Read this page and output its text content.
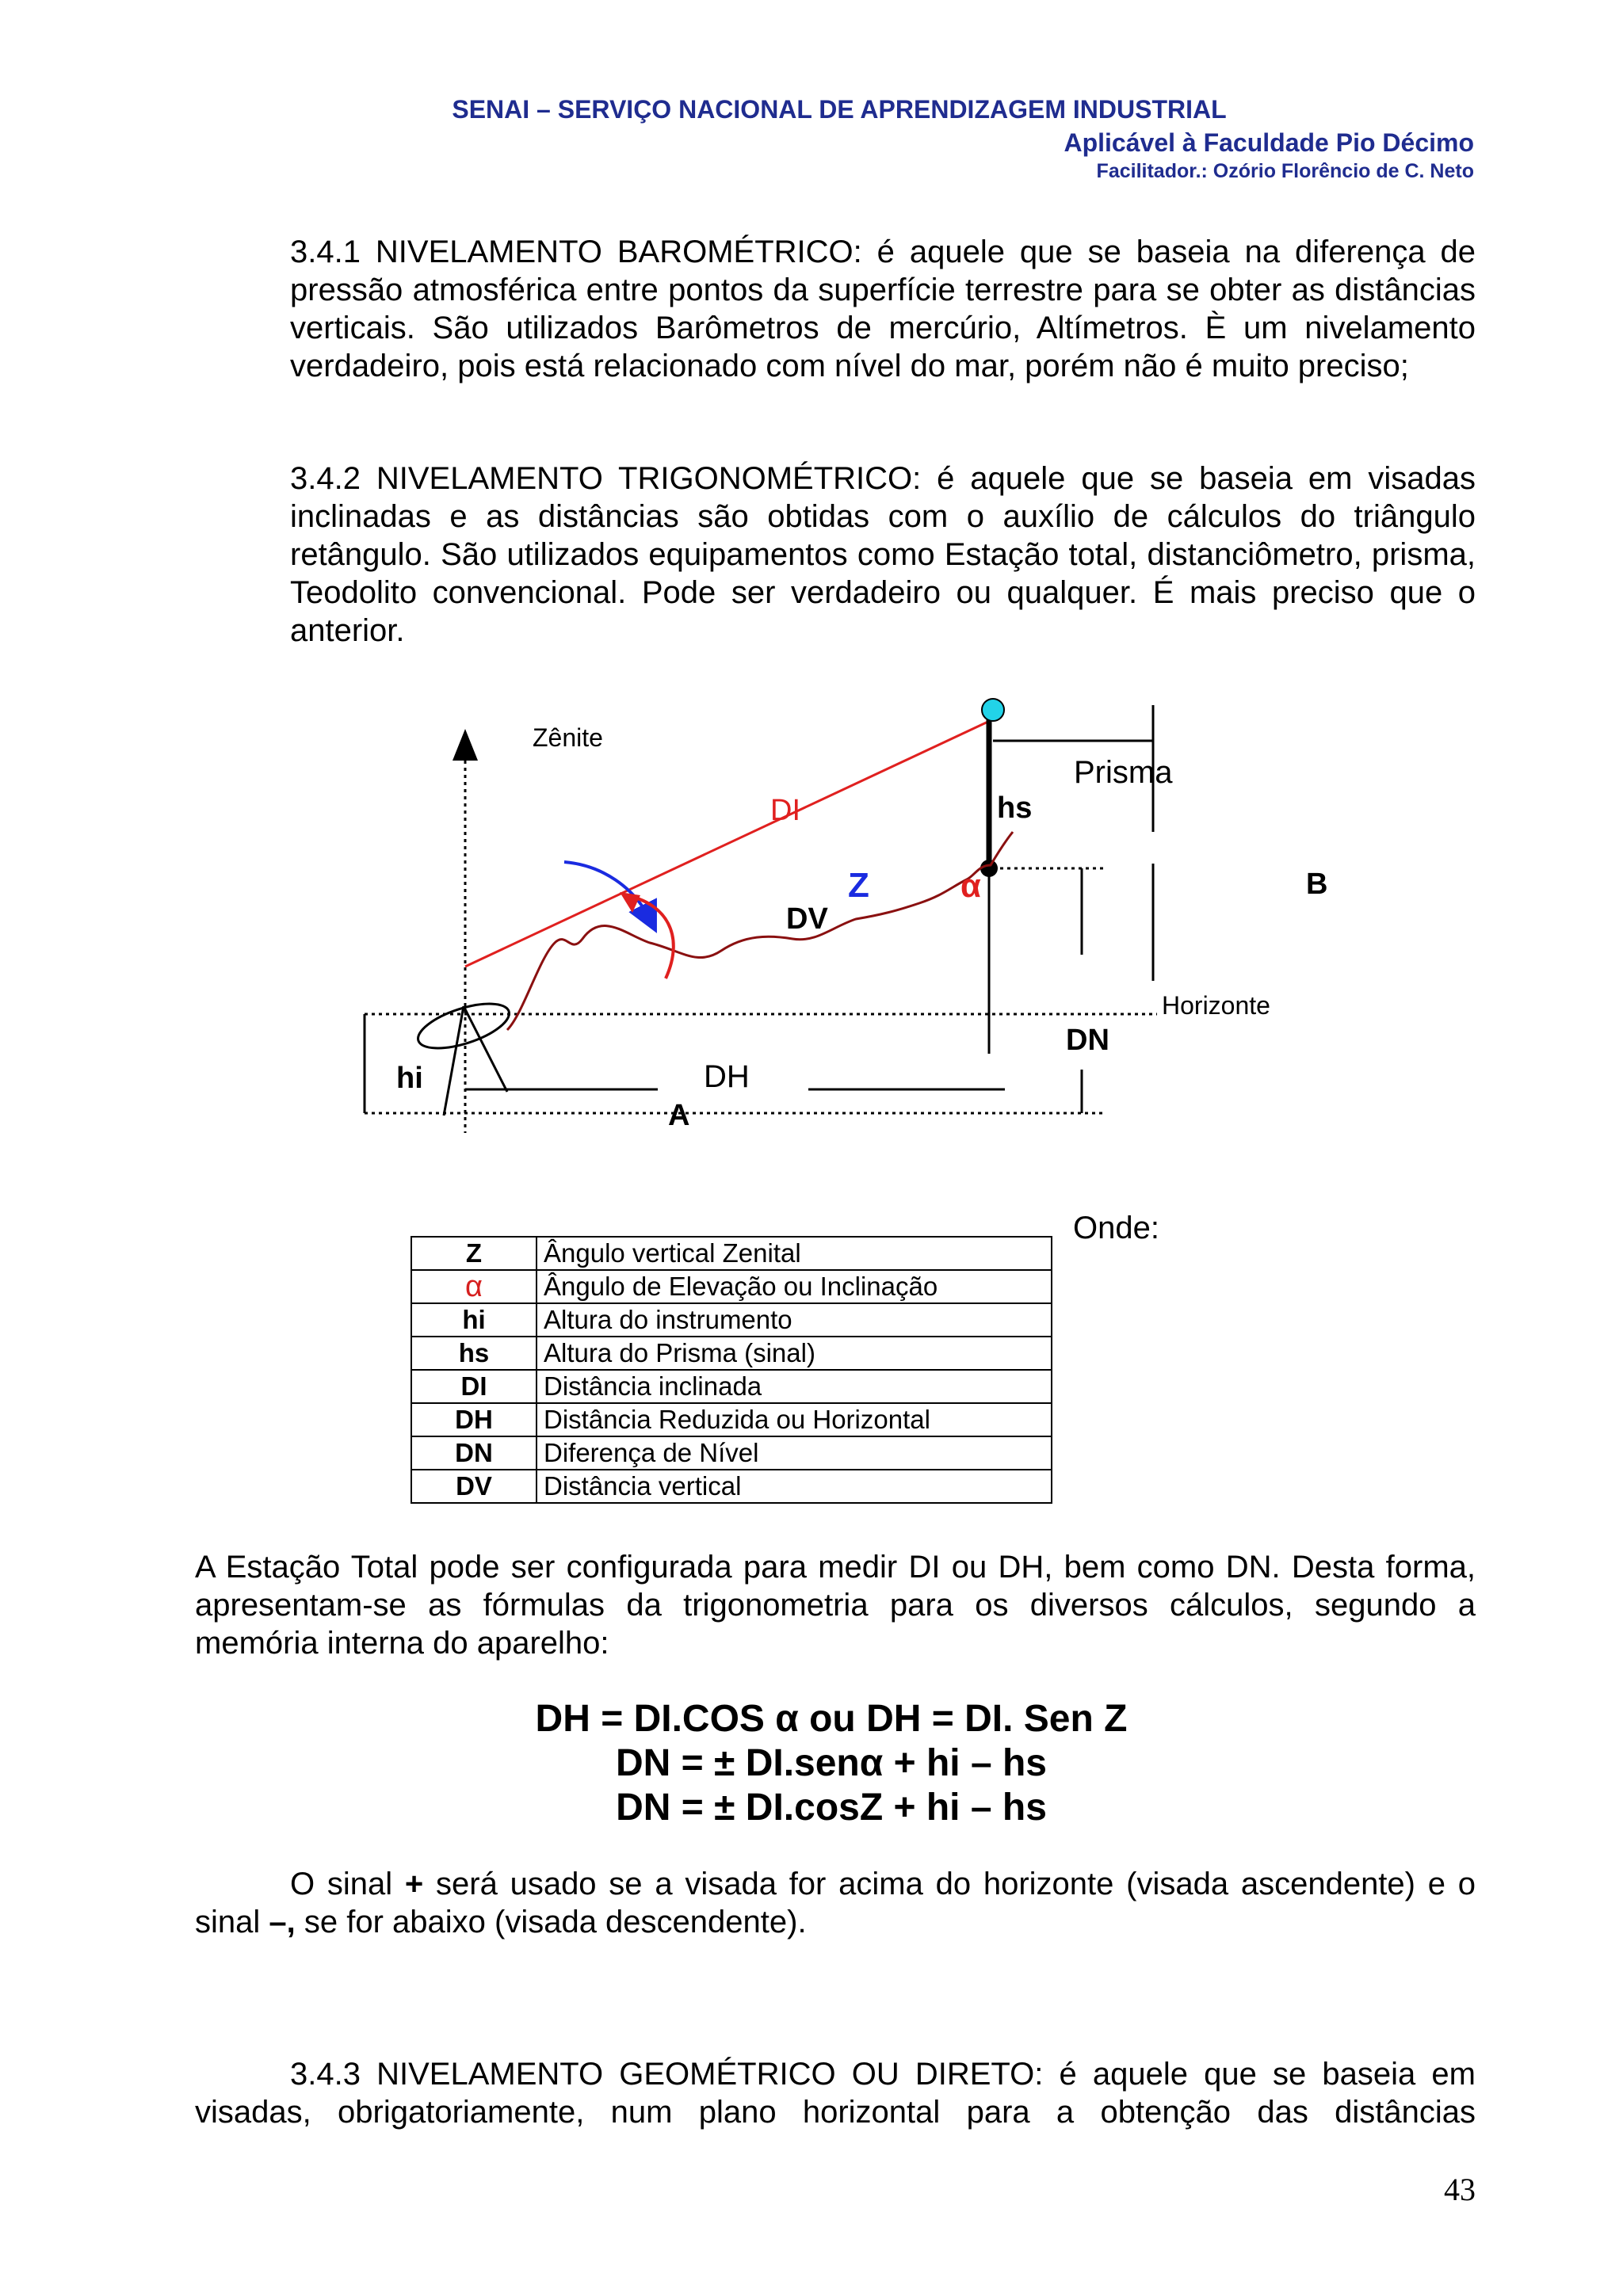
SENAI – SERVIÇO NACIONAL DE APRENDIZAGEM INDUSTRIAL
Aplicável à Faculdade Pio Décimo
Facilitador.: Ozório Florêncio de C. Neto
3.4.1 NIVELAMENTO BAROMÉTRICO: é aquele que se baseia na diferença de pressão atmosférica entre pontos da superfície terrestre para se obter as distâncias verticais. São utilizados Barômetros de mercúrio, Altímetros. È um nivelamento verdadeiro, pois está relacionado com nível do mar, porém não é muito preciso;
3.4.2 NIVELAMENTO TRIGONOMÉTRICO: é aquele que se baseia em visadas inclinadas e as distâncias são obtidas com o auxílio de cálculos do triângulo retângulo. São utilizados equipamentos como Estação total, distanciômetro, prisma, Teodolito convencional. Pode ser verdadeiro ou qualquer. É mais preciso que o anterior.
Zênite
hi	DH
A
DI	hs
Prisma
B
DN
Horizonte
DV
Z	α
Onde:
Z	Ângulo vertical Zenital
α	Ângulo de Elevação ou Inclinação
hi	Altura do instrumento
hs	Altura do Prisma (sinal)
DI	Distância inclinada
DH	Distância Reduzida ou Horizontal
DN	Diferença de Nível
DV	Distância vertical
A Estação Total pode ser configurada para medir DI ou DH, bem como DN. Desta forma, apresentam-se as fórmulas da trigonometria para os diversos cálculos, segundo a memória interna do aparelho:
DH = DI.COS α ou DH = DI. Sen Z
DN = ± DI.senα + hi – hs
DN = ± DI.cosZ + hi – hs
O sinal + será usado se a visada for acima do horizonte (visada ascendente) e o sinal –, se for abaixo (visada descendente).
3.4.3 NIVELAMENTO GEOMÉTRICO OU DIRETO: é aquele que se baseia em visadas, obrigatoriamente, num plano horizontal para a obtenção das distâncias
43
